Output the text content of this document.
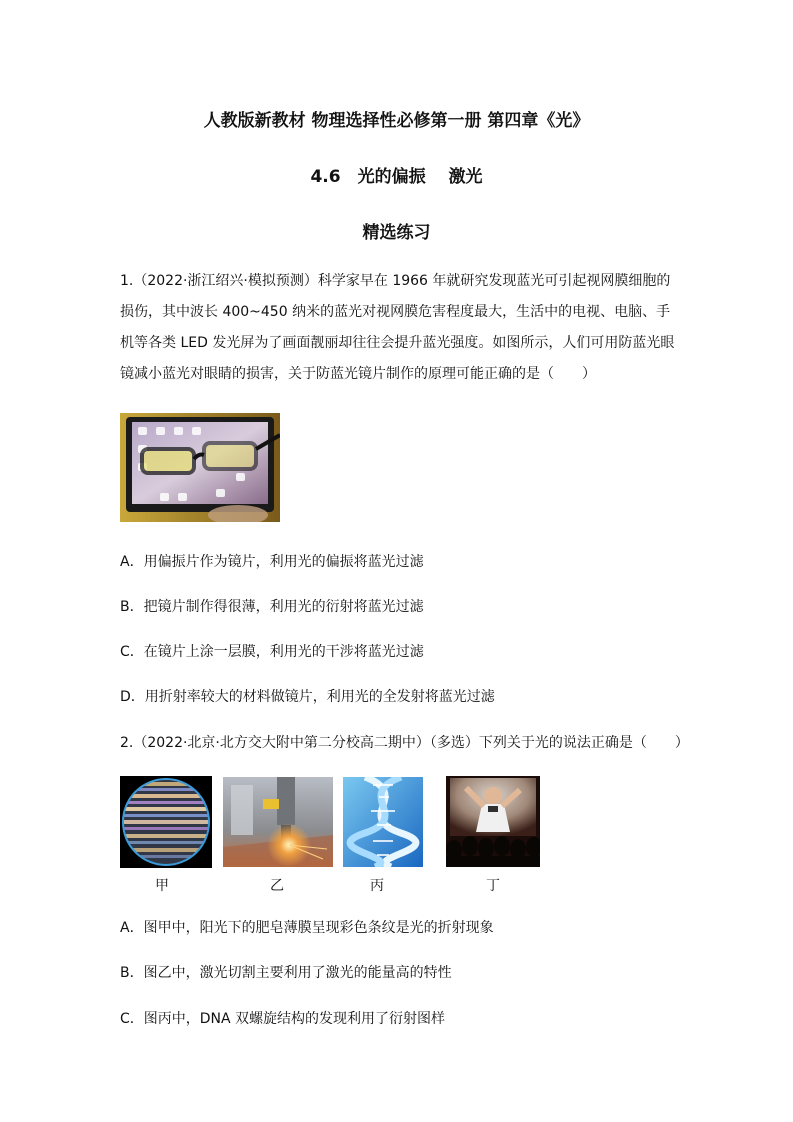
人教版新教材 物理选择性必修第一册 第四章《光》
4.6　光的偏振　 激光
精选练习
1.（2022·浙江绍兴·模拟预测）科学家早在 1966 年就研究发现蓝光可引起视网膜细胞的损伤，其中波长 400~450 纳米的蓝光对视网膜危害程度最大，生活中的电视、电脑、手机等各类 LED 发光屏为了画面靓丽却往往会提升蓝光强度。如图所示，人们可用防蓝光眼镜减小蓝光对眼睛的损害，关于防蓝光镜片制作的原理可能正确的是（　　）
A．用偏振片作为镜片，利用光的偏振将蓝光过滤
B．把镜片制作得很薄，利用光的衍射将蓝光过滤
C．在镜片上涂一层膜，利用光的干涉将蓝光过滤
D．用折射率较大的材料做镜片，利用光的全发射将蓝光过滤
2.（2022·北京·北方交大附中第二分校高二期中）（多选）下列关于光的说法正确是（　　）
甲	乙	丙	丁
A．图甲中，阳光下的肥皂薄膜呈现彩色条纹是光的折射现象
B．图乙中，激光切割主要利用了激光的能量高的特性
C．图丙中，DNA 双螺旋结构的发现利用了衍射图样
